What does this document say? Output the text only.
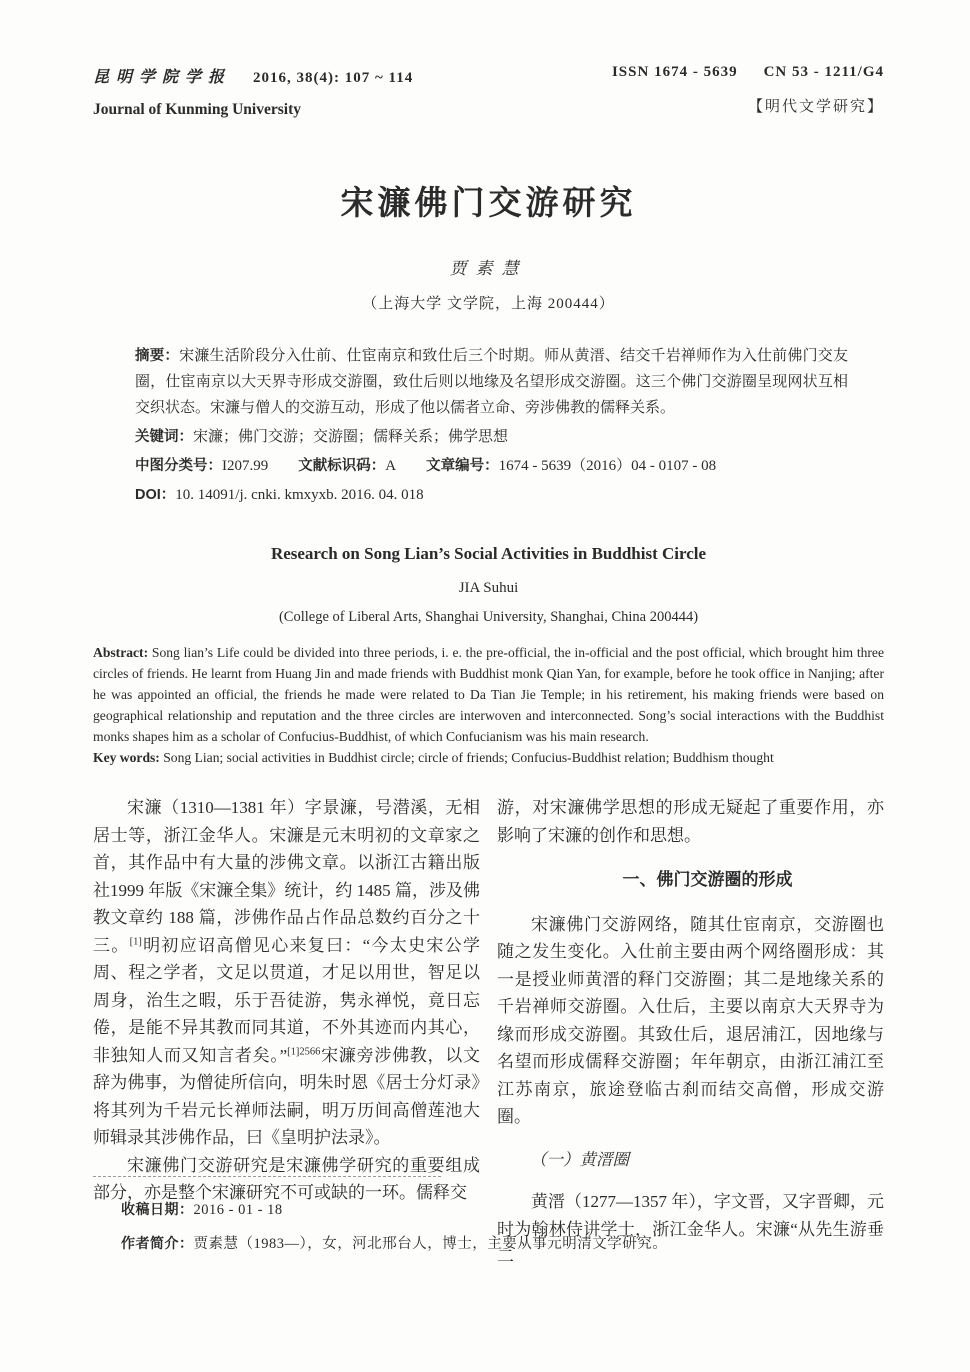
昆明学院学报 2016, 38(4): 107 ~ 114
Journal of Kunming University
ISSN 1674 - 5639 CN 53 - 1211/G4
【明代文学研究】
宋濂佛门交游研究
贾素慧
（上海大学 文学院，上海 200444）

摘要：宋濂生活阶段分入仕前、仕宦南京和致仕后三个时期。师从黄溍、结交千岩禅师作为入仕前佛门交友圈，仕宦南京以大天界寺形成交游圈，致仕后则以地缘及名望形成交游圈。这三个佛门交游圈呈现网状互相交织状态。宋濂与僧人的交游互动，形成了他以儒者立命、旁涉佛教的儒释关系。

关键词：宋濂；佛门交游；交游圈；儒释关系；佛学思想

中图分类号：I207.99 文献标识码：A 文章编号：1674 - 5639（2016）04 - 0107 - 08

DOI：10. 14091/j. cnki. kmxyxb. 2016. 04. 018

Research on Song Lian’s Social Activities in Buddhist Circle
JIA Suhui
(College of Liberal Arts, Shanghai University, Shanghai, China 200444)

Abstract: Song lian’s Life could be divided into three periods, i. e. the pre-official, the in-official and the post official, which brought him three circles of friends. He learnt from Huang Jin and made friends with Buddhist monk Qian Yan, for example, before he took office in Nanjing; after he was appointed an official, the friends he made were related to Da Tian Jie Temple; in his retirement, his making friends were based on geographical relationship and reputation and the three circles are interwoven and interconnected. Song’s social interactions with the Buddhist monks shapes him as a scholar of Confucius-Buddhist, of which Confucianism was his main research.

Key words: Song Lian; social activities in Buddhist circle; circle of friends; Confucius-Buddhist relation; Buddhism thought

宋濂（1310—1381 年）字景濂，号潜溪，无相居士等，浙江金华人。宋濂是元末明初的文章家之首，其作品中有大量的涉佛文章。以浙江古籍出版社1999 年版《宋濂全集》统计，约 1485 篇，涉及佛教文章约 188 篇，涉佛作品占作品总数约百分之十三。[1]明初应诏高僧见心来复曰：“今太史宋公学周、程之学者，文足以贯道，才足以用世，智足以周身，治生之暇，乐于吾徒游，隽永禅悦，竟日忘倦，是能不异其教而同其道，不外其迹而内其心，非独知人而又知言者矣。”$^{[1]2566}$宋濂旁涉佛教，以文辞为佛事，为僧徒所信向，明朱时恩《居士分灯录》将其列为千岩元长禅师法嗣，明万历间高僧莲池大师辑录其涉佛作品，曰《皇明护法录》。

宋濂佛门交游研究是宋濂佛学研究的重要组成部分，亦是整个宋濂研究不可或缺的一环。儒释交

游，对宋濂佛学思想的形成无疑起了重要作用，亦影响了宋濂的创作和思想。

一、佛门交游圈的形成

宋濂佛门交游网络，随其仕宦南京，交游圈也随之发生变化。入仕前主要由两个网络圈形成：其一是授业师黄溍的释门交游圈；其二是地缘关系的千岩禅师交游圈。入仕后，主要以南京大天界寺为缘而形成交游圈。其致仕后，退居浦江，因地缘与名望而形成儒释交游圈；年年朝京，由浙江浦江至江苏南京，旅途登临古刹而结交高僧，形成交游圈。

（一）黄溍圈

黄溍（1277—1357 年），字文晋，又字晋卿，元时为翰林侍讲学士，浙江金华人。宋濂“从先生游垂二

收稿日期：2016 - 01 - 18

作者简介：贾素慧（1983—），女，河北邢台人，博士，主要从事元明清文学研究。
